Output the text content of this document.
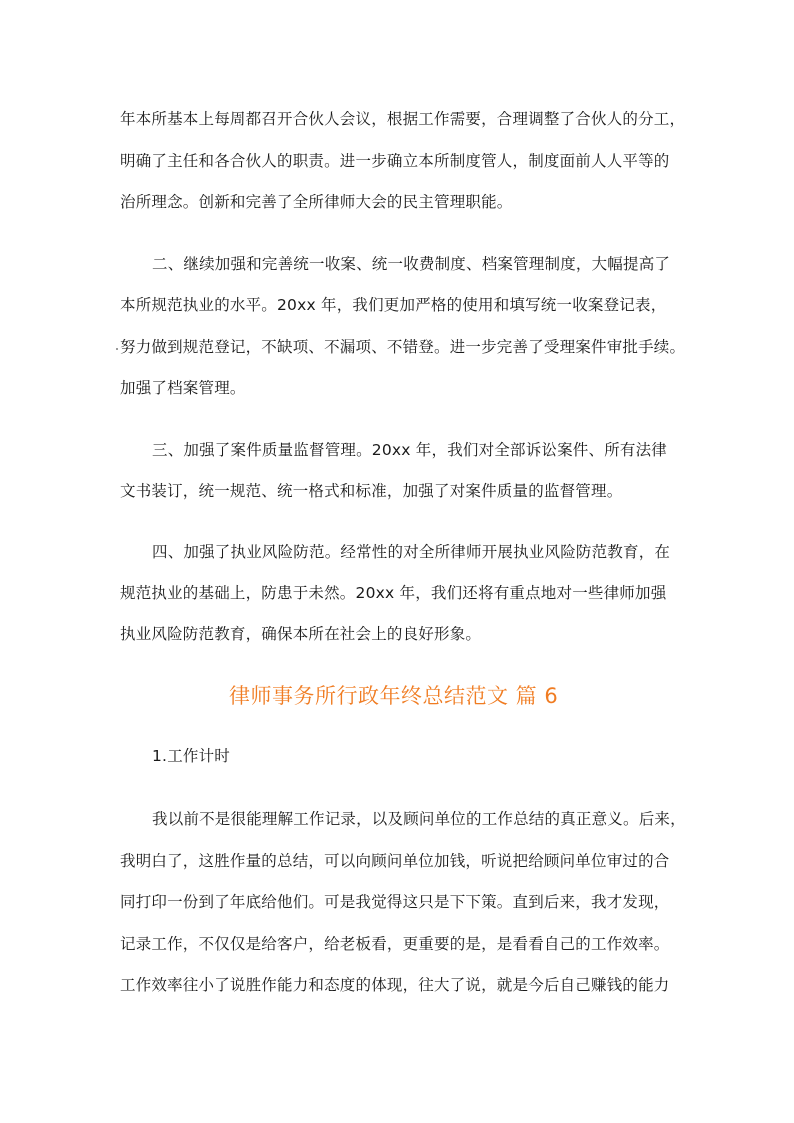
年本所基本上每周都召开合伙人会议，根据工作需要，合理调整了合伙人的分工，
明确了主任和各合伙人的职责。进一步确立本所制度管人，制度面前人人平等的
治所理念。创新和完善了全所律师大会的民主管理职能。
二、继续加强和完善统一收案、统一收费制度、档案管理制度，大幅提高了
本所规范执业的水平。20xx 年，我们更加严格的使用和填写统一收案登记表，
努力做到规范登记，不缺项、不漏项、不错登。进一步完善了受理案件审批手续。
加强了档案管理。
三、加强了案件质量监督管理。20xx 年，我们对全部诉讼案件、所有法律
文书装订，统一规范、统一格式和标准，加强了对案件质量的监督管理。
四、加强了执业风险防范。经常性的对全所律师开展执业风险防范教育，在
规范执业的基础上，防患于未然。20xx 年，我们还将有重点地对一些律师加强
执业风险防范教育，确保本所在社会上的良好形象。
律师事务所行政年终总结范文 篇 6
1.工作计时
我以前不是很能理解工作记录，以及顾问单位的工作总结的真正意义。后来，
我明白了，这胜作量的总结，可以向顾问单位加钱，听说把给顾问单位审过的合
同打印一份到了年底给他们。可是我觉得这只是下下策。直到后来，我才发现，
记录工作，不仅仅是给客户，给老板看，更重要的是，是看看自己的工作效率。
工作效率往小了说胜作能力和态度的体现，往大了说，就是今后自己赚钱的能力
